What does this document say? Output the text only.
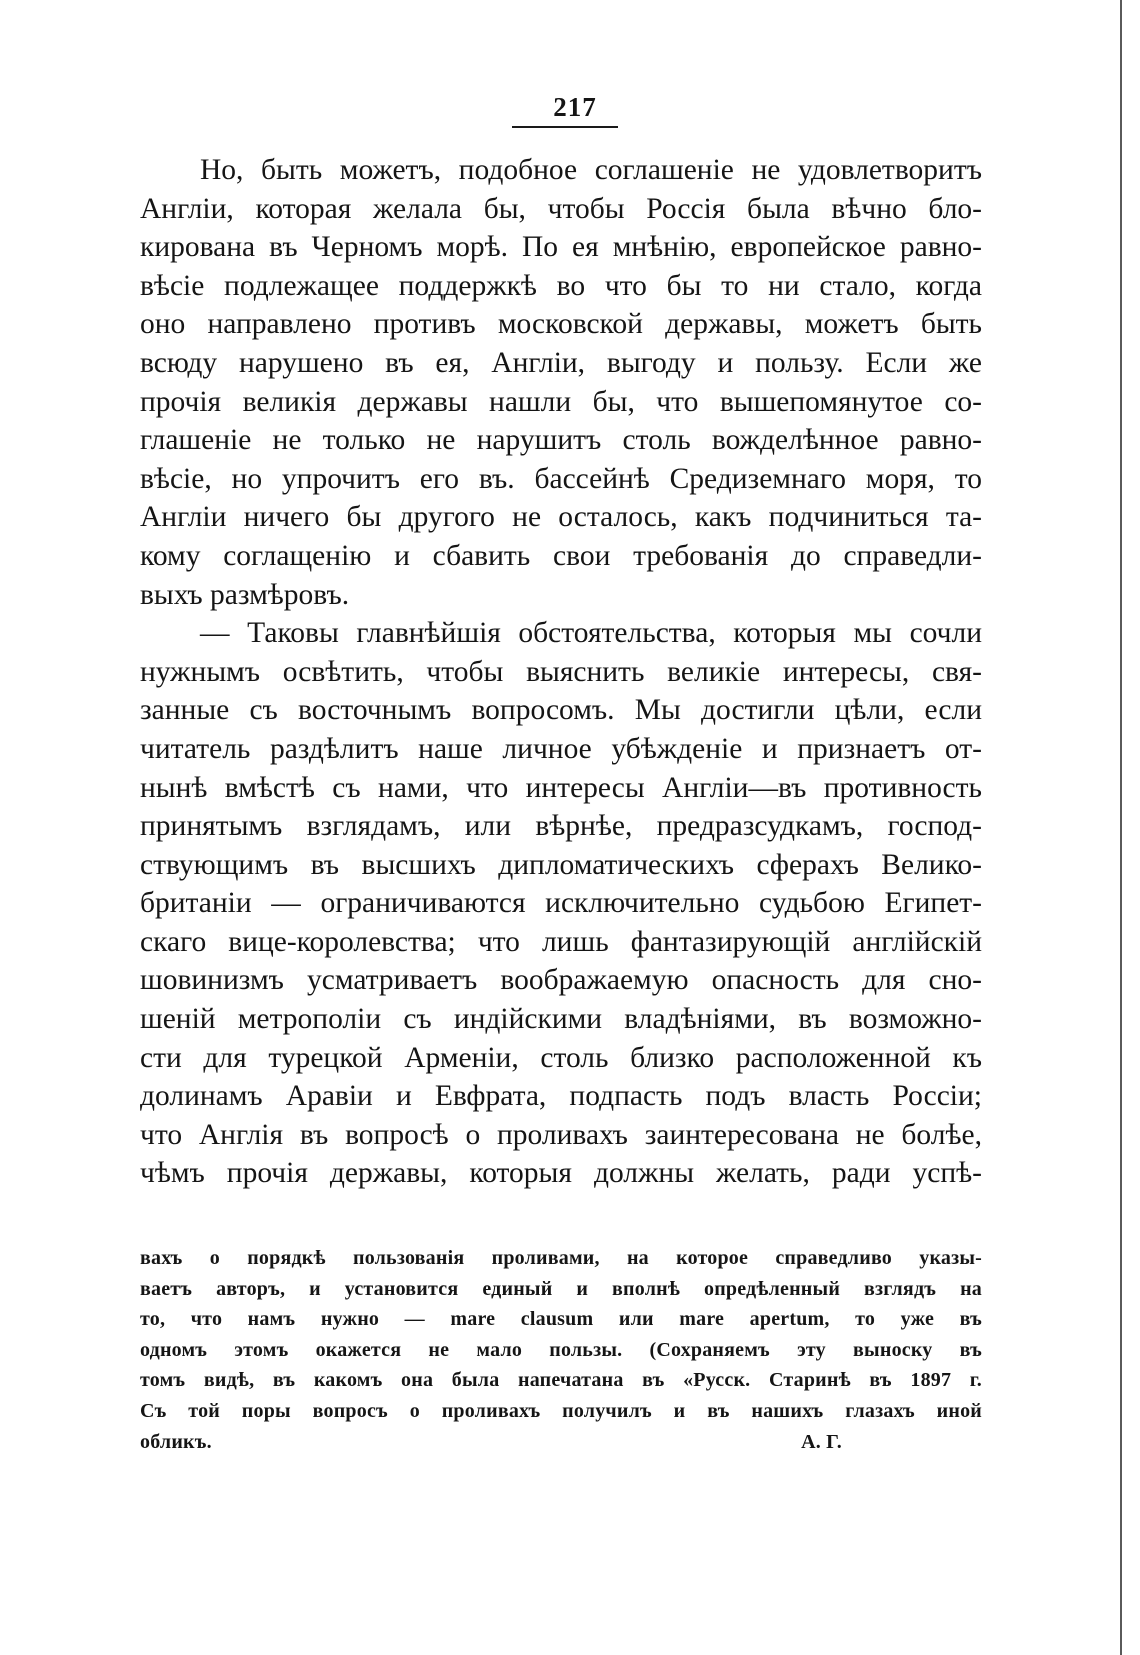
217
Но, быть можетъ, подобное соглашеніе не удовлетворитъ
Англіи, которая желала бы, чтобы Россія была вѣчно бло-
кирована въ Черномъ морѣ. По ея мнѣнію, европейское равно-
вѣсіе подлежащее поддержкѣ во что бы то ни стало, когда
оно направлено противъ московской державы, можетъ быть
всюду нарушено въ ея, Англіи, выгоду и пользу. Если же
прочія великія державы нашли бы, что вышепомянутое со-
глашеніе не только не нарушитъ столь вожделѣнное равно-
вѣсіе, но упрочитъ его въ. бассейнѣ Средиземнаго моря, то
Англіи ничего бы другого не осталось, какъ подчиниться та-
кому соглащенію и сбавить свои требованія до справедли-
выхъ размѣровъ.
— Таковы главнѣйшія обстоятельства, которыя мы сочли
нужнымъ освѣтить, чтобы выяснить великіе интересы, свя-
занные съ восточнымъ вопросомъ. Мы достигли цѣли, если
читатель раздѣлитъ наше личное убѣжденіе и признаетъ от-
нынѣ вмѣстѣ съ нами, что интересы Англіи—въ противность
принятымъ взглядамъ, или вѣрнѣе, предразсудкамъ, господ-
ствующимъ въ высшихъ дипломатическихъ сферахъ Велико-
британіи — ограничиваются исключительно судьбою Египет-
скаго вице-королевства; что лишь фантазирующій англійскій
шовинизмъ усматриваетъ воображаемую опасность для сно-
шеній метрополіи съ индійскими владѣніями, въ возможно-
сти для турецкой Арменіи, столь близко расположенной къ
долинамъ Аравіи и Евфрата, подпасть подъ власть Россіи;
что Англія въ вопросѣ о проливахъ заинтересована не болѣе,
чѣмъ прочія державы, которыя должны желать, ради успѣ-
вахъ о порядкѣ пользованія проливами, на которое справедливо указы-
ваетъ авторъ, и установится единый и вполнѣ опредѣленный взглядъ на
то, что намъ нужно — mare clausum или mare apertum, то уже въ
одномъ этомъ окажется не мало пользы. (Сохраняемъ эту выноску въ
томъ видѣ, въ какомъ она была напечатана въ «Русск. Старинѣ въ 1897 г.
Съ той поры вопросъ о проливахъ получилъ и въ нашихъ глазахъ иной
обликъ.	А. Г.
